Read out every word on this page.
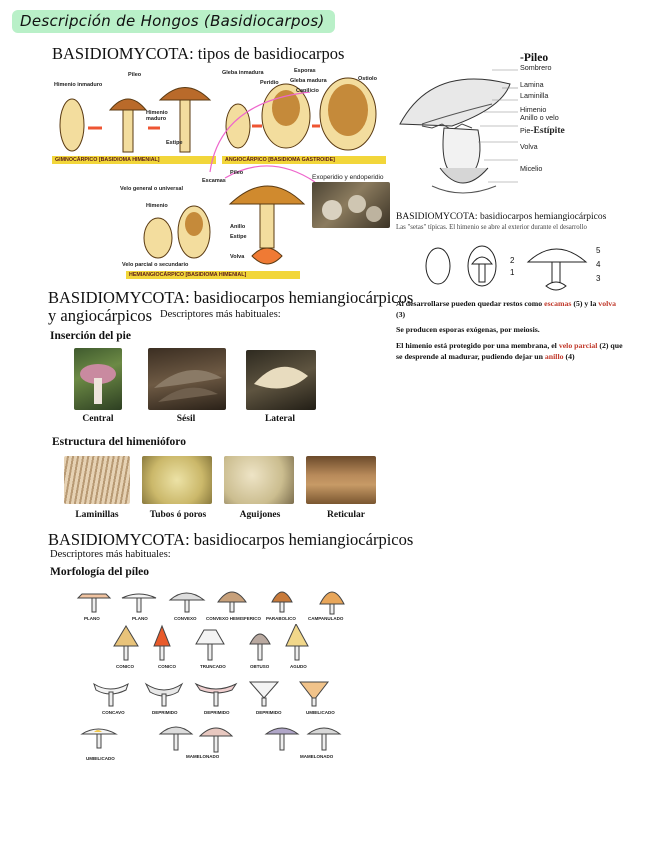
Descripción de Hongos (Basidiocarpos)
BASIDIOMYCOTA: tipos de basidiocarpos
Himenio inmaduro
Pileo
Himenio maduro
Estipe
GIMNOCÁRPICO [BASIDIOMA HIMENIAL]
Gleba inmadura
Peridio
Esporas
Gleba madura
Capilicio
Ostiolo
ANGIOCÁRPICO [BASIDIOMA GASTROIDE]
Píleo
Escamas
Velo general o universal
Himenio
Anillo
Estipe
Volva
Velo parcial o secundario
HEMIANGIOCÁRPICO [BASIDIOMA HIMENIAL]
Exoperidio y endoperidio
-Pileo
Sombrero
Lamina
Laminilla
Himenio
Anillo o velo
Pie-Estípite
Volva
Micelio
BASIDIOMYCOTA: basidiocarpos hemiangiocárpicos
Las "setas" típicas. El himenio se abre al exterior durante el desarrollo
2
1
5
4
3
Al desarrollarse pueden quedar restos como escamas (5) y la volva (3)
Se producen esporas exógenas, por meiosis.
El himenio está protegido por una membrana, el velo parcial (2) que se desprende al madurar, pudiendo dejar un anillo (4)
BASIDIOMYCOTA: basidiocarpos hemiangiocárpicos
y angiocárpicos Descriptores más habituales:
Inserción del pie
Central	Sésil	Lateral
Estructura del himenióforo
Laminillas	Tubos ó poros	Aguijones	Reticular
BASIDIOMYCOTA: basidiocarpos hemiangiocárpicos
Descriptores más habituales:
Morfología del píleo
PLANO	PLANO	CONVEXO CONVEXO HEMISFERICO PARABOLICO	CAMPANULADO
CONICO	CONICO	TRUNCADO	OBTUSO	AGUDO
CONCAVO	DEPRIMIDO	DEPRIMIDO	DEPRIMIDO	UMBILICADO
UMBILICADO	MAMELONADO	MAMELONADO
